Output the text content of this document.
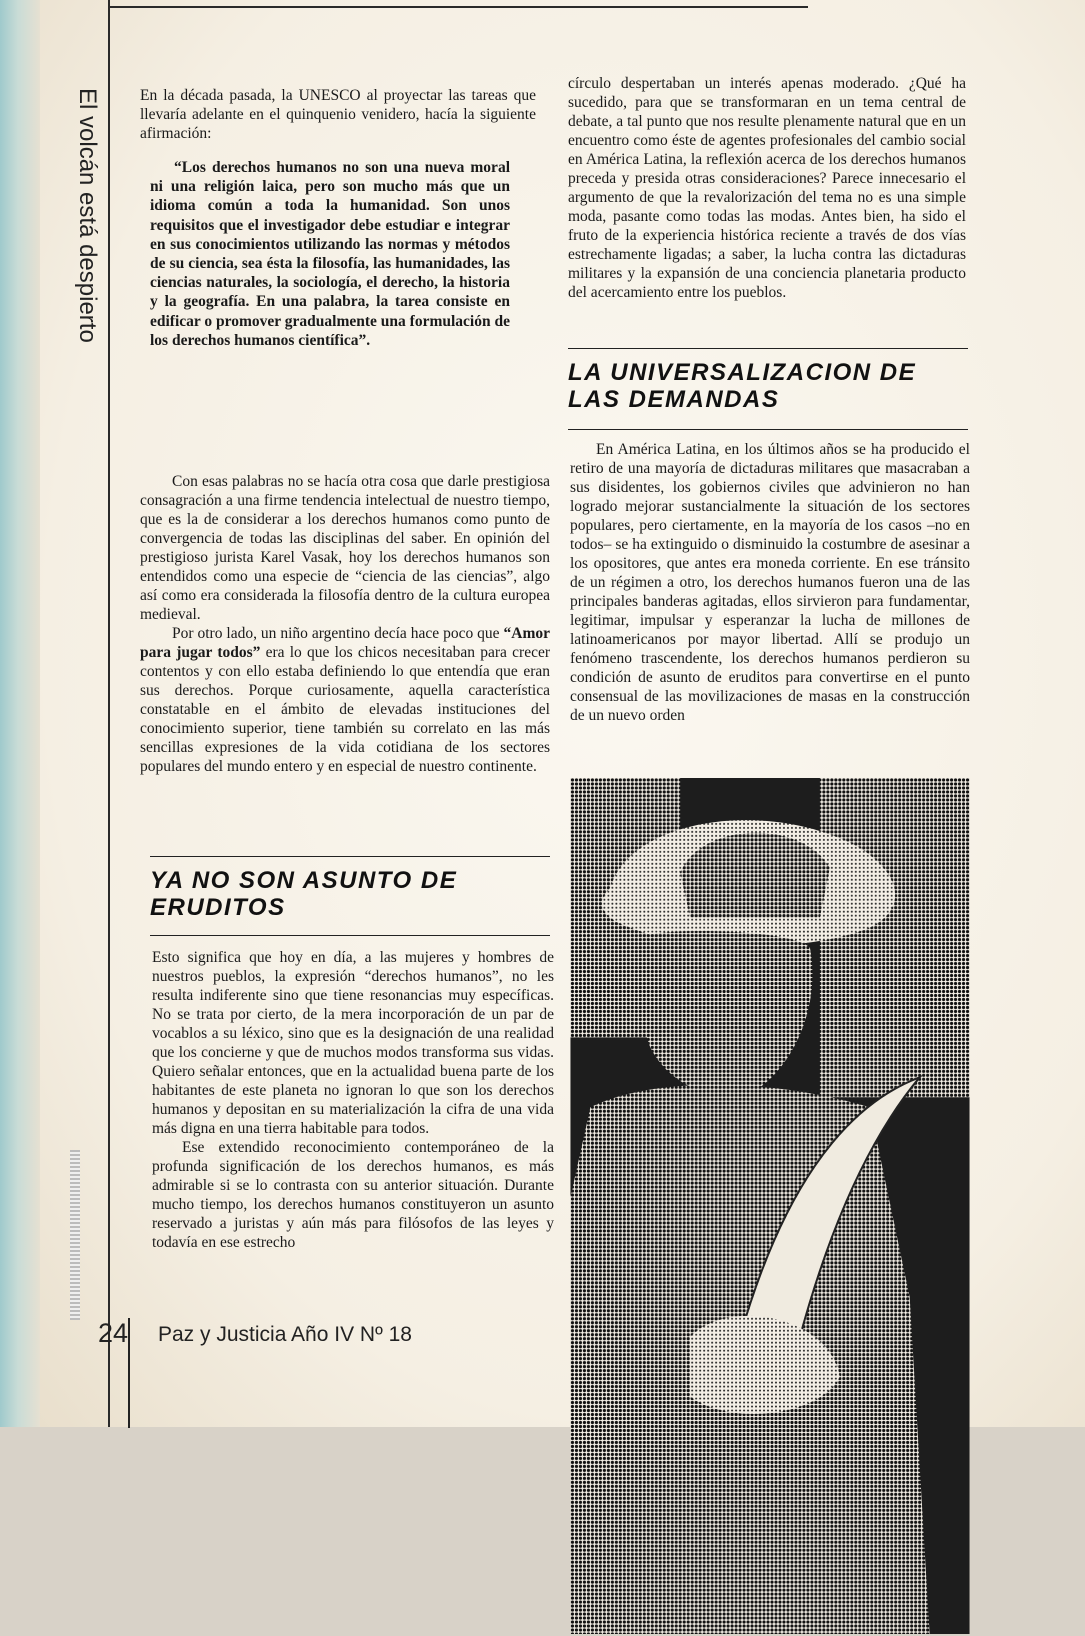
El volcán está despierto	En la década pasada, la UNESCO al proyectar las tareas que llevaría adelante en el quinquenio venidero, hacía la siguiente afirmación:

“Los derechos humanos no son una nueva moral ni una religión laica, pero son mucho más que un idioma común a toda la humanidad. Son unos requisitos que el investigador debe estudiar e integrar en sus conocimientos utilizando las normas y métodos de su ciencia, sea ésta la filosofía, las humanidades, las ciencias naturales, la sociología, el derecho, la historia y la geografía. En una palabra, la tarea consiste en edificar o promover gradualmente una formulación de los derechos humanos científica”.

Con esas palabras no se hacía otra cosa que darle prestigiosa consagración a una firme tendencia intelectual de nuestro tiempo, que es la de considerar a los derechos humanos como punto de convergencia de todas las disciplinas del saber. En opinión del prestigioso jurista Karel Vasak, hoy los derechos humanos son entendidos como una especie de “ciencia de las ciencias”, algo así como era considerada la filosofía dentro de la cultura europea medieval.

Por otro lado, un niño argentino decía hace poco que “Amor para jugar todos” era lo que los chicos necesitaban para crecer contentos y con ello estaba definiendo lo que entendía que eran sus derechos. Porque curiosamente, aquella característica constatable en el ámbito de elevadas instituciones del conocimiento superior, tiene también su correlato en las más sencillas expresiones de la vida cotidiana de los sectores populares del mundo entero y en especial de nuestro continente.

YA NO SON ASUNTO DE ERUDITOS

Esto significa que hoy en día, a las mujeres y hombres de nuestros pueblos, la expresión “derechos humanos”, no les resulta indiferente sino que tiene resonancias muy específicas. No se trata por cierto, de la mera incorporación de un par de vocablos a su léxico, sino que es la designación de una realidad que los concierne y que de muchos modos transforma sus vidas. Quiero señalar entonces, que en la actualidad buena parte de los habitantes de este planeta no ignoran lo que son los derechos humanos y depositan en su materialización la cifra de una vida más digna en una tierra habitable para todos.

Ese extendido reconocimiento contemporáneo de la profunda significación de los derechos humanos, es más admirable si se lo contrasta con su anterior situación. Durante mucho tiempo, los derechos humanos constituyeron un asunto reservado a juristas y aún más para filósofos de las leyes y todavía en ese estrecho

círculo despertaban un interés apenas moderado. ¿Qué ha sucedido, para que se transformaran en un tema central de debate, a tal punto que nos resulte plenamente natural que en un encuentro como éste de agentes profesionales del cambio social en América Latina, la reflexión acerca de los derechos humanos preceda y presida otras consideraciones? Parece innecesario el argumento de que la revalorización del tema no es una simple moda, pasante como todas las modas. Antes bien, ha sido el fruto de la experiencia histórica reciente a través de dos vías estrechamente ligadas; a saber, la lucha contra las dictaduras militares y la expansión de una conciencia planetaria producto del acercamiento entre los pueblos.

LA UNIVERSALIZACION DE LAS DEMANDAS

En América Latina, en los últimos años se ha producido el retiro de una mayoría de dictaduras militares que masacraban a sus disidentes, los gobiernos civiles que advinieron no han logrado mejorar sustancialmente la situación de los sectores populares, pero ciertamente, en la mayoría de los casos –no en todos– se ha extinguido o disminuido la costumbre de asesinar a los opositores, que antes era moneda corriente. En ese tránsito de un régimen a otro, los derechos humanos fueron una de las principales banderas agitadas, ellos sirvieron para fundamentar, legitimar, impulsar y esperanzar la lucha de millones de latinoamericanos por mayor libertad. Allí se produjo un fenómeno trascendente, los derechos humanos perdieron su condición de asunto de eruditos para convertirse en el punto consensual de las movilizaciones de masas en la construcción de un nuevo orden

24 Paz y Justicia Año IV Nº 18
